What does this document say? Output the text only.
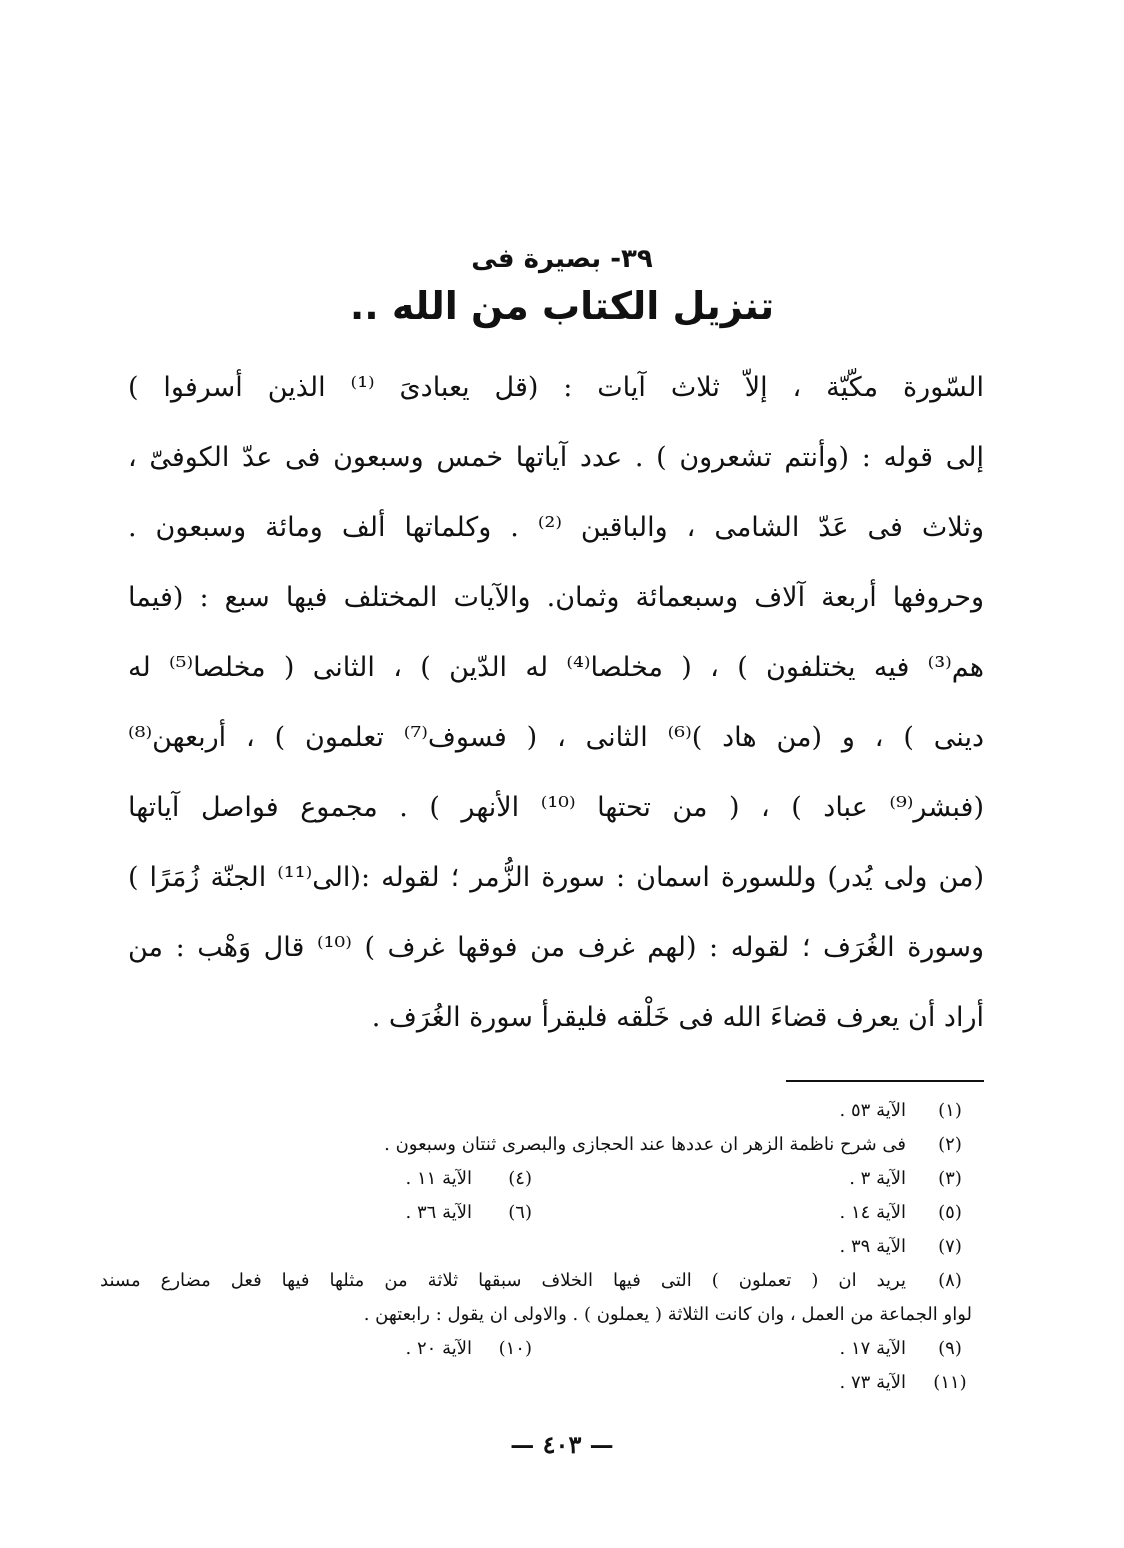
٣٩- بصيرة فى
تنزيل الكتاب من الله ..
السّورة مكّيّة ، إلاّ ثلاث آيات : (قل يعبادىَ ⁽¹⁾ الذين أسرفوا )
إلى قوله : (وأنتم تشعرون ) . عدد آياتها خمس وسبعون فى عدّ الكوفىّ ،
وثلاث فى عَدّ الشامى ، والباقين ⁽²⁾ . وكلماتها ألف ومائة وسبعون .
وحروفها أربعة آلاف وسبعمائة وثمان. والآيات المختلف فيها سبع : (فيما
هم⁽³⁾ فيه يختلفون ) ، ( مخلصا⁽⁴⁾ له الدّين ) ، الثانى ( مخلصا⁽⁵⁾ له
دينى ) ، و (من هاد )⁽⁶⁾ الثانى ، ( فسوف⁽⁷⁾ تعلمون ) ، أربعهن⁽⁸⁾
(فبشر⁽⁹⁾ عباد ) ، ( من تحتها ⁽¹⁰⁾ الأنهر ) . مجموع فواصل آياتها
(من ولى يُدر) وللسورة اسمان : سورة الزُّمر ؛ لقوله :(الى⁽¹¹⁾ الجنّة زُمَرًا )
وسورة الغُرَف ؛ لقوله : (لهم غرف من فوقها غرف ) ⁽¹⁰⁾ قال وَهْب : من
أراد أن يعرف قضاءَ الله فى خَلْقه فليقرأ سورة الغُرَف .
(١)
الآية ٥٣ .
(٢)
فى شرح ناظمة الزهر ان عددها عند الحجازى والبصرى ثنتان وسبعون .
(٣)
الآية ٣ .
(٤)
الآية ١١ .
(٥)
الآية ١٤ .
(٦)
الآية ٣٦ .
(٧)
الآية ٣٩ .
(٨)
يريد ان ( تعملون ) التى فيها الخلاف سبقها ثلاثة من مثلها فيها فعل مضارع مسند
لواو الجماعة من العمل ، وان كانت الثلاثة ( يعملون ) . والاولى ان يقول : رابعتهن .
(٩)
الآية ١٧ .
(١٠)
الآية ٢٠ .
(١١)
الآية ٧٣ .
— ٤٠٣ —
